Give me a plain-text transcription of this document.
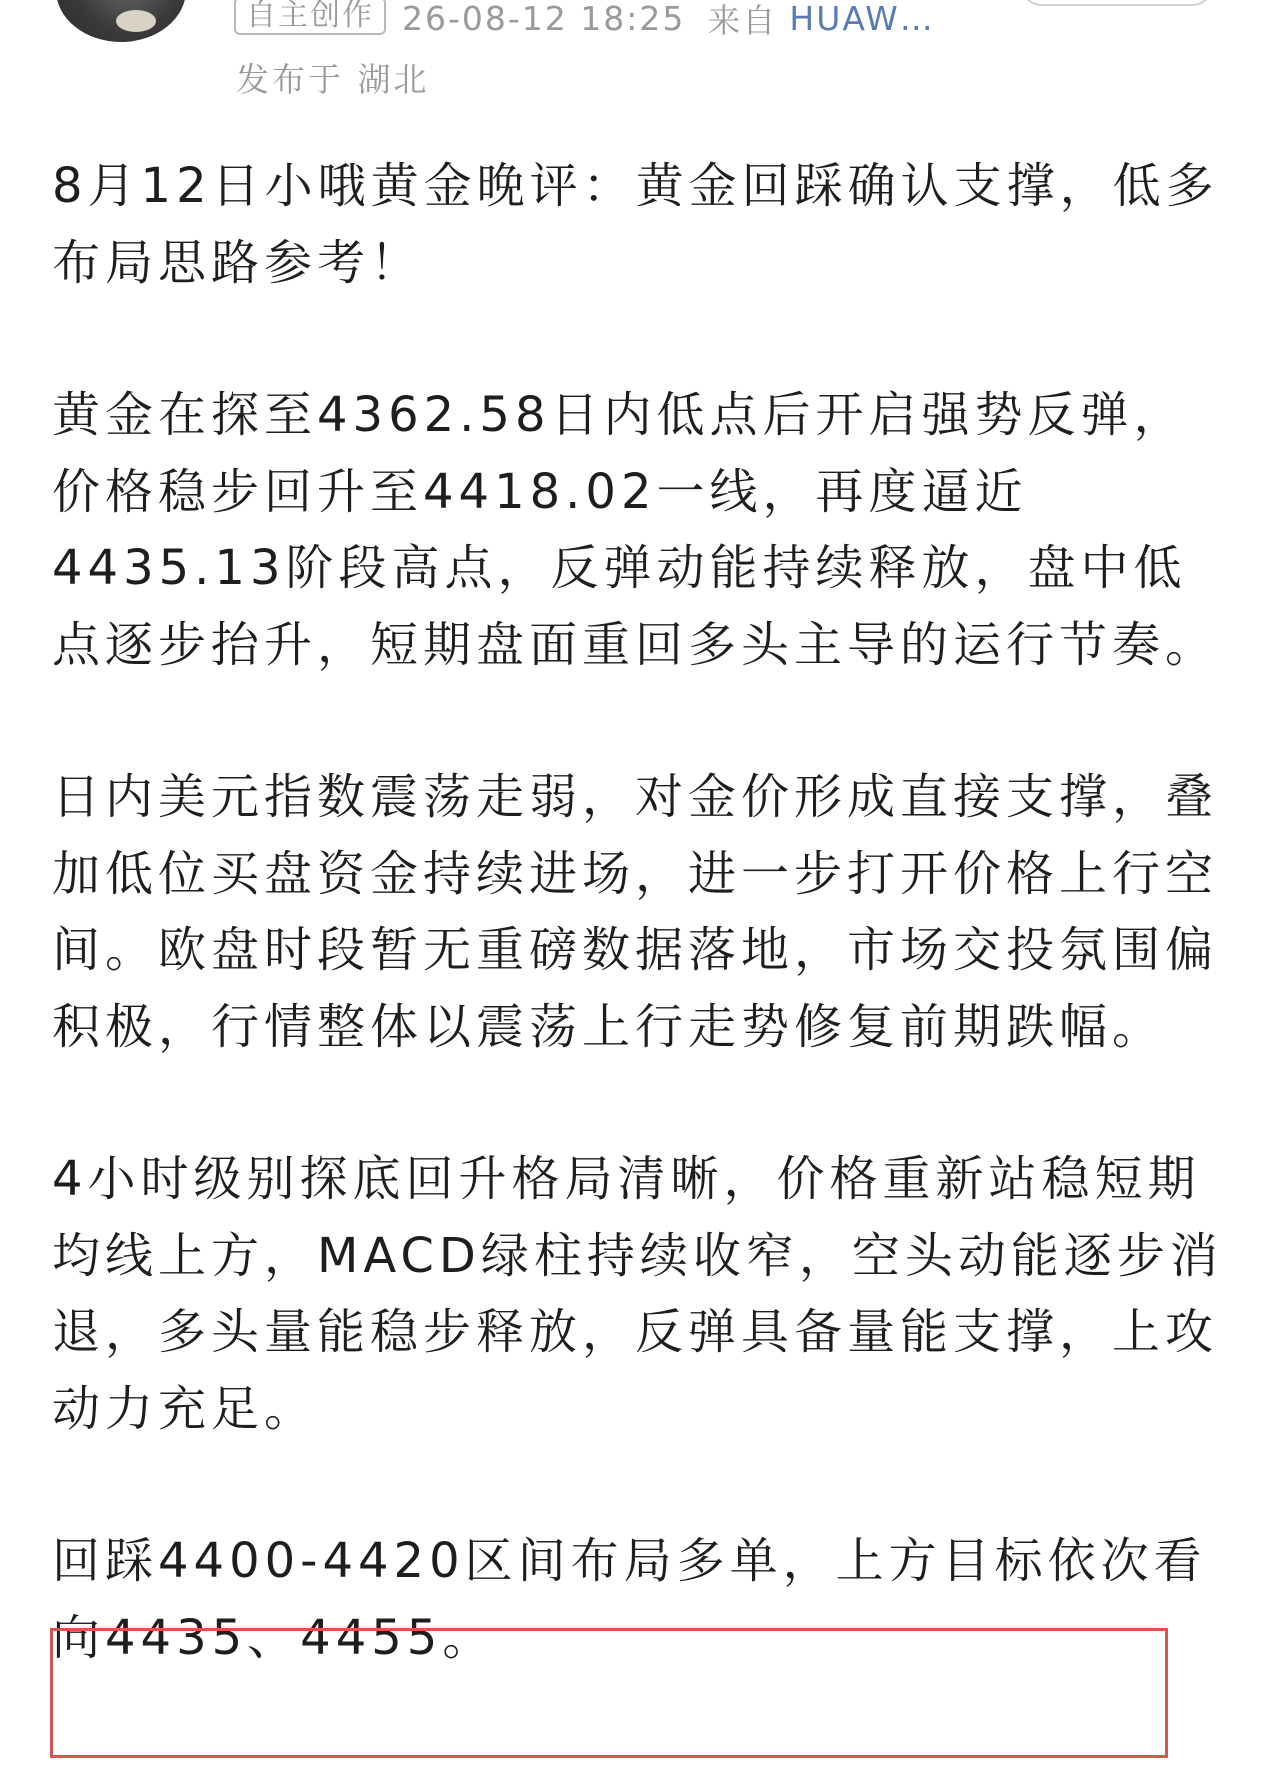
自主创作 26-08-12 18:25 来自 HUAW…
发布于 湖北

8月12日小哦黄金晚评：黄金回踩确认支撑，低多布局思路参考！

黄金在探至4362.58日内低点后开启强势反弹，价格稳步回升至4418.02一线，再度逼近4435.13阶段高点，反弹动能持续释放，盘中低点逐步抬升，短期盘面重回多头主导的运行节奏。

日内美元指数震荡走弱，对金价形成直接支撑，叠加低位买盘资金持续进场，进一步打开价格上行空间。欧盘时段暂无重磅数据落地，市场交投氛围偏积极，行情整体以震荡上行走势修复前期跌幅。

4小时级别探底回升格局清晰，价格重新站稳短期均线上方，MACD绿柱持续收窄，空头动能逐步消退，多头量能稳步释放，反弹具备量能支撑，上攻动力充足。

回踩4400-4420区间布局多单，上方目标依次看向4435、4455。
